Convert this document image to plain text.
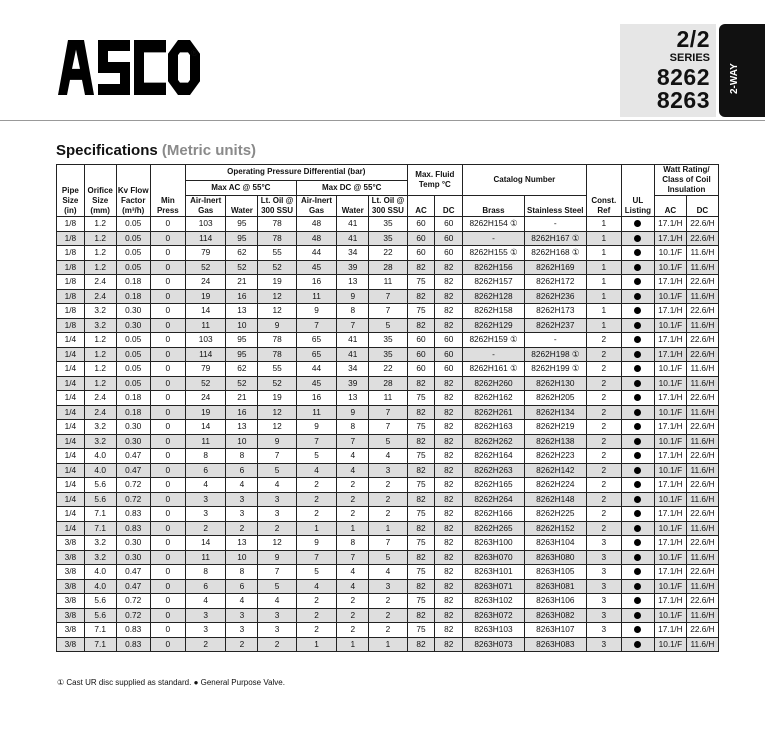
®
2/2
SERIES
8262
8263
2-WAY
Specifications (Metric units)
Pipe Size (in)	Orifice Size (mm)	Kv Flow Factor (m³/h)	Min Press	Operating Pressure Differential (bar)						Max. Fluid Temp °C		Catalog Number		Const. Ref	UL Listing	Watt Rating/ Class of Coil Insulation	
				Max AC @ 55°C			Max DC @ 55°C										
				Air-Inert Gas	Water	Lt. Oil @ 300 SSU	Air-Inert Gas	Water	Lt. Oil @ 300 SSU	AC	DC	Brass	Stainless Steel			AC	DC
1/8	1.2	0.05	0	103	95	78	48	41	35	60	60	8262H154 ①	-	1		17.1/H	22.6/H
1/8	1.2	0.05	0	114	95	78	48	41	35	60	60	-	8262H167 ①	1		17.1/H	22.6/H
1/8	1.2	0.05	0	79	62	55	44	34	22	60	60	8262H155 ①	8262H168 ①	1		10.1/F	11.6/H
1/8	1.2	0.05	0	52	52	52	45	39	28	82	82	8262H156	8262H169	1		10.1/F	11.6/H
1/8	2.4	0.18	0	24	21	19	16	13	11	75	82	8262H157	8262H172	1		17.1/H	22.6/H
1/8	2.4	0.18	0	19	16	12	11	9	7	82	82	8262H128	8262H236	1		10.1/F	11.6/H
1/8	3.2	0.30	0	14	13	12	9	8	7	75	82	8262H158	8262H173	1		17.1/H	22.6/H
1/8	3.2	0.30	0	11	10	9	7	7	5	82	82	8262H129	8262H237	1		10.1/F	11.6/H
1/4	1.2	0.05	0	103	95	78	65	41	35	60	60	8262H159 ①	-	2		17.1/H	22.6/H
1/4	1.2	0.05	0	114	95	78	65	41	35	60	60	-	8262H198 ①	2		17.1/H	22.6/H
1/4	1.2	0.05	0	79	62	55	44	34	22	60	60	8262H161 ①	8262H199 ①	2		10.1/F	11.6/H
1/4	1.2	0.05	0	52	52	52	45	39	28	82	82	8262H260	8262H130	2		10.1/F	11.6/H
1/4	2.4	0.18	0	24	21	19	16	13	11	75	82	8262H162	8262H205	2		17.1/H	22.6/H
1/4	2.4	0.18	0	19	16	12	11	9	7	82	82	8262H261	8262H134	2		10.1/F	11.6/H
1/4	3.2	0.30	0	14	13	12	9	8	7	75	82	8262H163	8262H219	2		17.1/H	22.6/H
1/4	3.2	0.30	0	11	10	9	7	7	5	82	82	8262H262	8262H138	2		10.1/F	11.6/H
1/4	4.0	0.47	0	8	8	7	5	4	4	75	82	8262H164	8262H223	2		17.1/H	22.6/H
1/4	4.0	0.47	0	6	6	5	4	4	3	82	82	8262H263	8262H142	2		10.1/F	11.6/H
1/4	5.6	0.72	0	4	4	4	2	2	2	75	82	8262H165	8262H224	2		17.1/H	22.6/H
1/4	5.6	0.72	0	3	3	3	2	2	2	82	82	8262H264	8262H148	2		10.1/F	11.6/H
1/4	7.1	0.83	0	3	3	3	2	2	2	75	82	8262H166	8262H225	2		17.1/H	22.6/H
1/4	7.1	0.83	0	2	2	2	1	1	1	82	82	8262H265	8262H152	2		10.1/F	11.6/H
3/8	3.2	0.30	0	14	13	12	9	8	7	75	82	8263H100	8263H104	3		17.1/H	22.6/H
3/8	3.2	0.30	0	11	10	9	7	7	5	82	82	8263H070	8263H080	3		10.1/F	11.6/H
3/8	4.0	0.47	0	8	8	7	5	4	4	75	82	8263H101	8263H105	3		17.1/H	22.6/H
3/8	4.0	0.47	0	6	6	5	4	4	3	82	82	8263H071	8263H081	3		10.1/F	11.6/H
3/8	5.6	0.72	0	4	4	4	2	2	2	75	82	8263H102	8263H106	3		17.1/H	22.6/H
3/8	5.6	0.72	0	3	3	3	2	2	2	82	82	8263H072	8263H082	3		10.1/F	11.6/H
3/8	7.1	0.83	0	3	3	3	2	2	2	75	82	8263H103	8263H107	3		17.1/H	22.6/H
3/8	7.1	0.83	0	2	2	2	1	1	1	82	82	8263H073	8263H083	3		10.1/F	11.6/H
① Cast UR disc supplied as standard. ● General Purpose Valve.
